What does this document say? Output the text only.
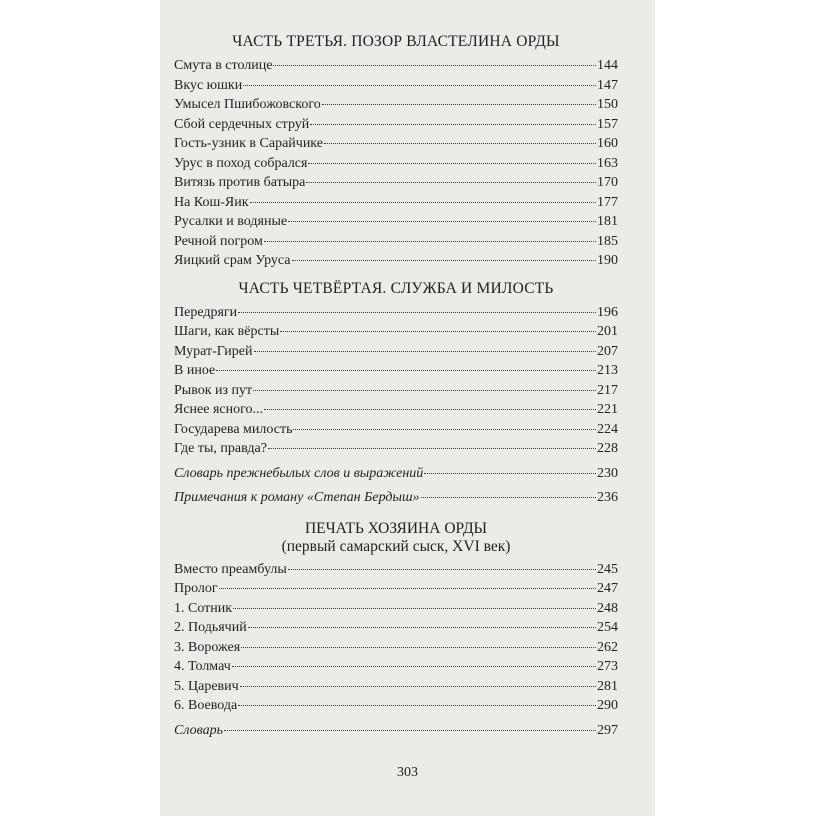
ЧАСТЬ ТРЕТЬЯ. ПОЗОР ВЛАСТЕЛИНА ОРДЫ
Смута в столице	144
Вкус юшки	147
Умысел Пшибожовского	150
Сбой сердечных струй	157
Гость-узник в Сарайчике	160
Урус в поход собрался	163
Витязь против батыра	170
На Кош-Яик	177
Русалки и водяные	181
Речной погром	185
Яицкий срам Уруса	190
ЧАСТЬ ЧЕТВЁРТАЯ. СЛУЖБА И МИЛОСТЬ
Передряги	196
Шаги, как вёрсты	201
Мурат-Гирей	207
В иное	213
Рывок из пут	217
Яснее ясного...	221
Государева милость	224
Где ты, правда?	228
Словарь прежнебылых слов и выражений	230
Примечания к роману «Степан Бердыш»	236
ПЕЧАТЬ ХОЗЯИНА ОРДЫ
(первый самарский сыск, XVI век)
Вместо преамбулы	245
Пролог	247
1. Сотник	248
2. Подьячий	254
3. Ворожея	262
4. Толмач	273
5. Царевич	281
6. Воевода	290
Словарь	297
303
